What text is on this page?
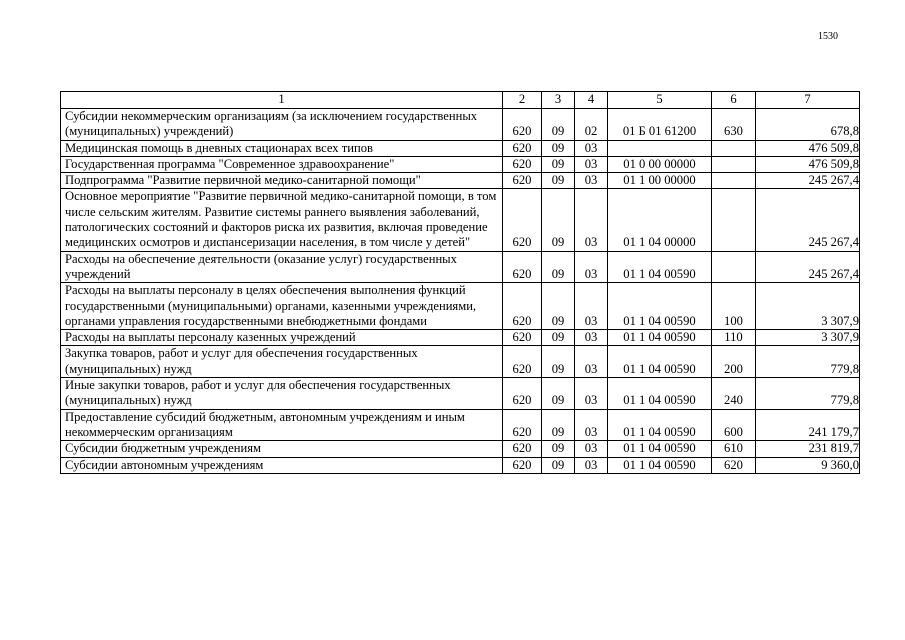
1530
1	2	3	4	5	6	7
Субсидии некоммерческим организациям (за исключением государственных (муниципальных) учреждений)	620	09	02	01 Б 01 61200	630	678,8
Медицинская помощь в дневных стационарах всех типов	620	09	03			476 509,8
Государственная программа "Современное здравоохранение"	620	09	03	01 0 00 00000		476 509,8
Подпрограмма "Развитие первичной медико-санитарной помощи"	620	09	03	01 1 00 00000		245 267,4
Основное мероприятие "Развитие первичной медико-санитарной помощи, в том числе сельским жителям. Развитие системы раннего выявления заболеваний, патологических состояний и факторов риска их развития, включая проведение медицинских осмотров и диспансеризации населения, в том числе у детей"	620	09	03	01 1 04 00000		245 267,4
Расходы на обеспечение деятельности (оказание услуг) государственных учреждений	620	09	03	01 1 04 00590		245 267,4
Расходы на выплаты персоналу в целях обеспечения выполнения функций государственными (муниципальными) органами, казенными учреждениями, органами управления государственными внебюджетными фондами	620	09	03	01 1 04 00590	100	3 307,9
Расходы на выплаты персоналу казенных учреждений	620	09	03	01 1 04 00590	110	3 307,9
Закупка товаров, работ и услуг для обеспечения государственных (муниципальных) нужд	620	09	03	01 1 04 00590	200	779,8
Иные закупки товаров, работ и услуг для обеспечения государственных (муниципальных) нужд	620	09	03	01 1 04 00590	240	779,8
Предоставление субсидий бюджетным, автономным учреждениям и иным некоммерческим организациям	620	09	03	01 1 04 00590	600	241 179,7
Субсидии бюджетным учреждениям	620	09	03	01 1 04 00590	610	231 819,7
Субсидии автономным учреждениям	620	09	03	01 1 04 00590	620	9 360,0
